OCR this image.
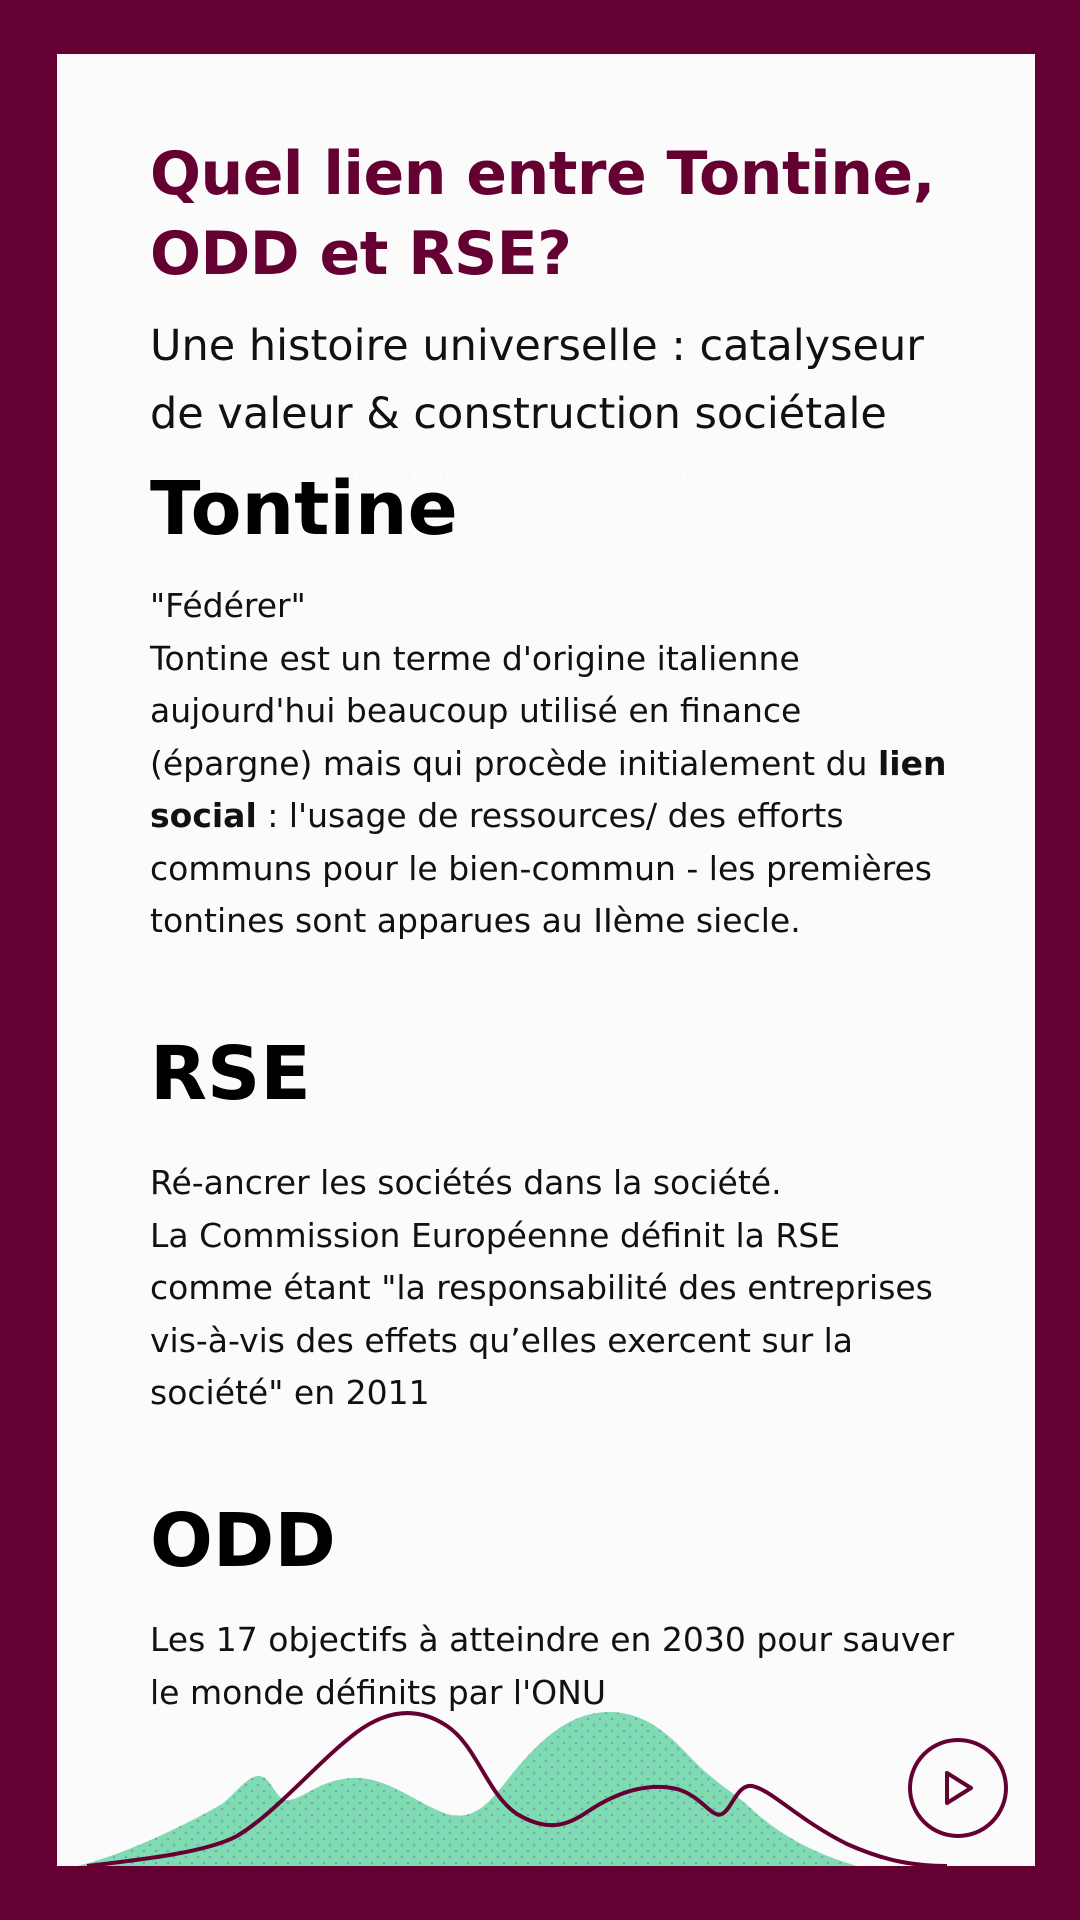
Quel lien entre Tontine,
ODD et RSE?

Une histoire universelle : catalyseur de valeur & construction sociétale

Quel lien entre Tontine et RSE?
Tontine

"Fédérer"
Tontine est un terme d'origine italienne aujourd'hui beaucoup utilisé en finance (épargne) mais qui procède initialement du lien social : l'usage de ressources/ des efforts communs pour le bien-commun - les premières tontines sont apparues au IIème siecle.

RSE

Ré-ancrer les sociétés dans la société.
La Commission Européenne définit la RSE comme étant "la responsabilité des entreprises vis-à-vis des effets qu’elles exercent sur la société" en 2011

ODD

Les 17 objectifs à atteindre en 2030 pour sauver le monde définits par l'ONU
